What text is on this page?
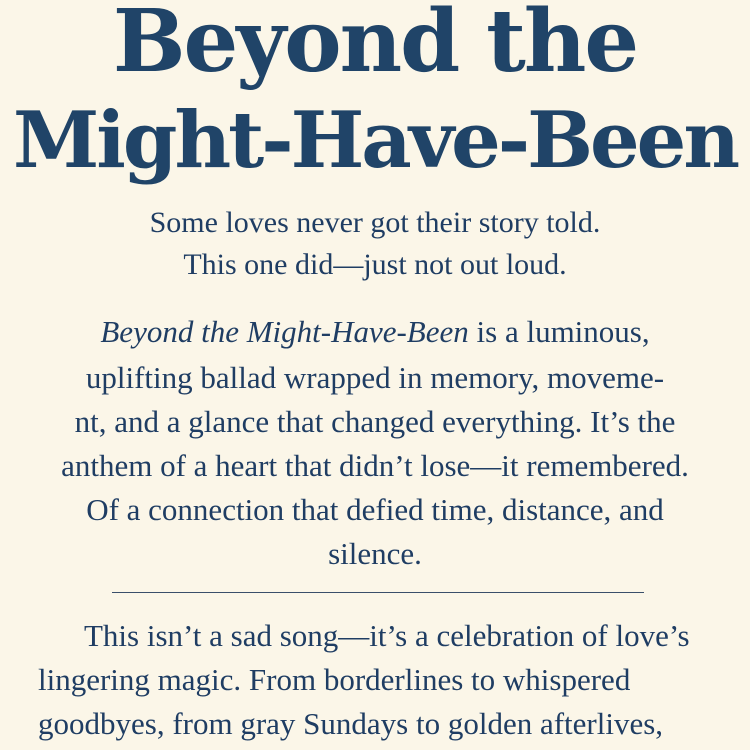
Beyond the
Might-Have-Been
Some loves never got their story told.
This one did—just not out loud.
Beyond the Might-Have-Been is a luminous,
uplifting ballad wrapped in memory, moveme-
nt, and a glance that changed everything. It’s the
anthem of a heart that didn’t lose—it remembered.
Of a connection that defied time, distance, and
silence.
This isn’t a sad song—it’s a celebration of love’s
lingering magic. From borderlines to whispered
goodbyes, from gray Sundays to golden afterlives,
